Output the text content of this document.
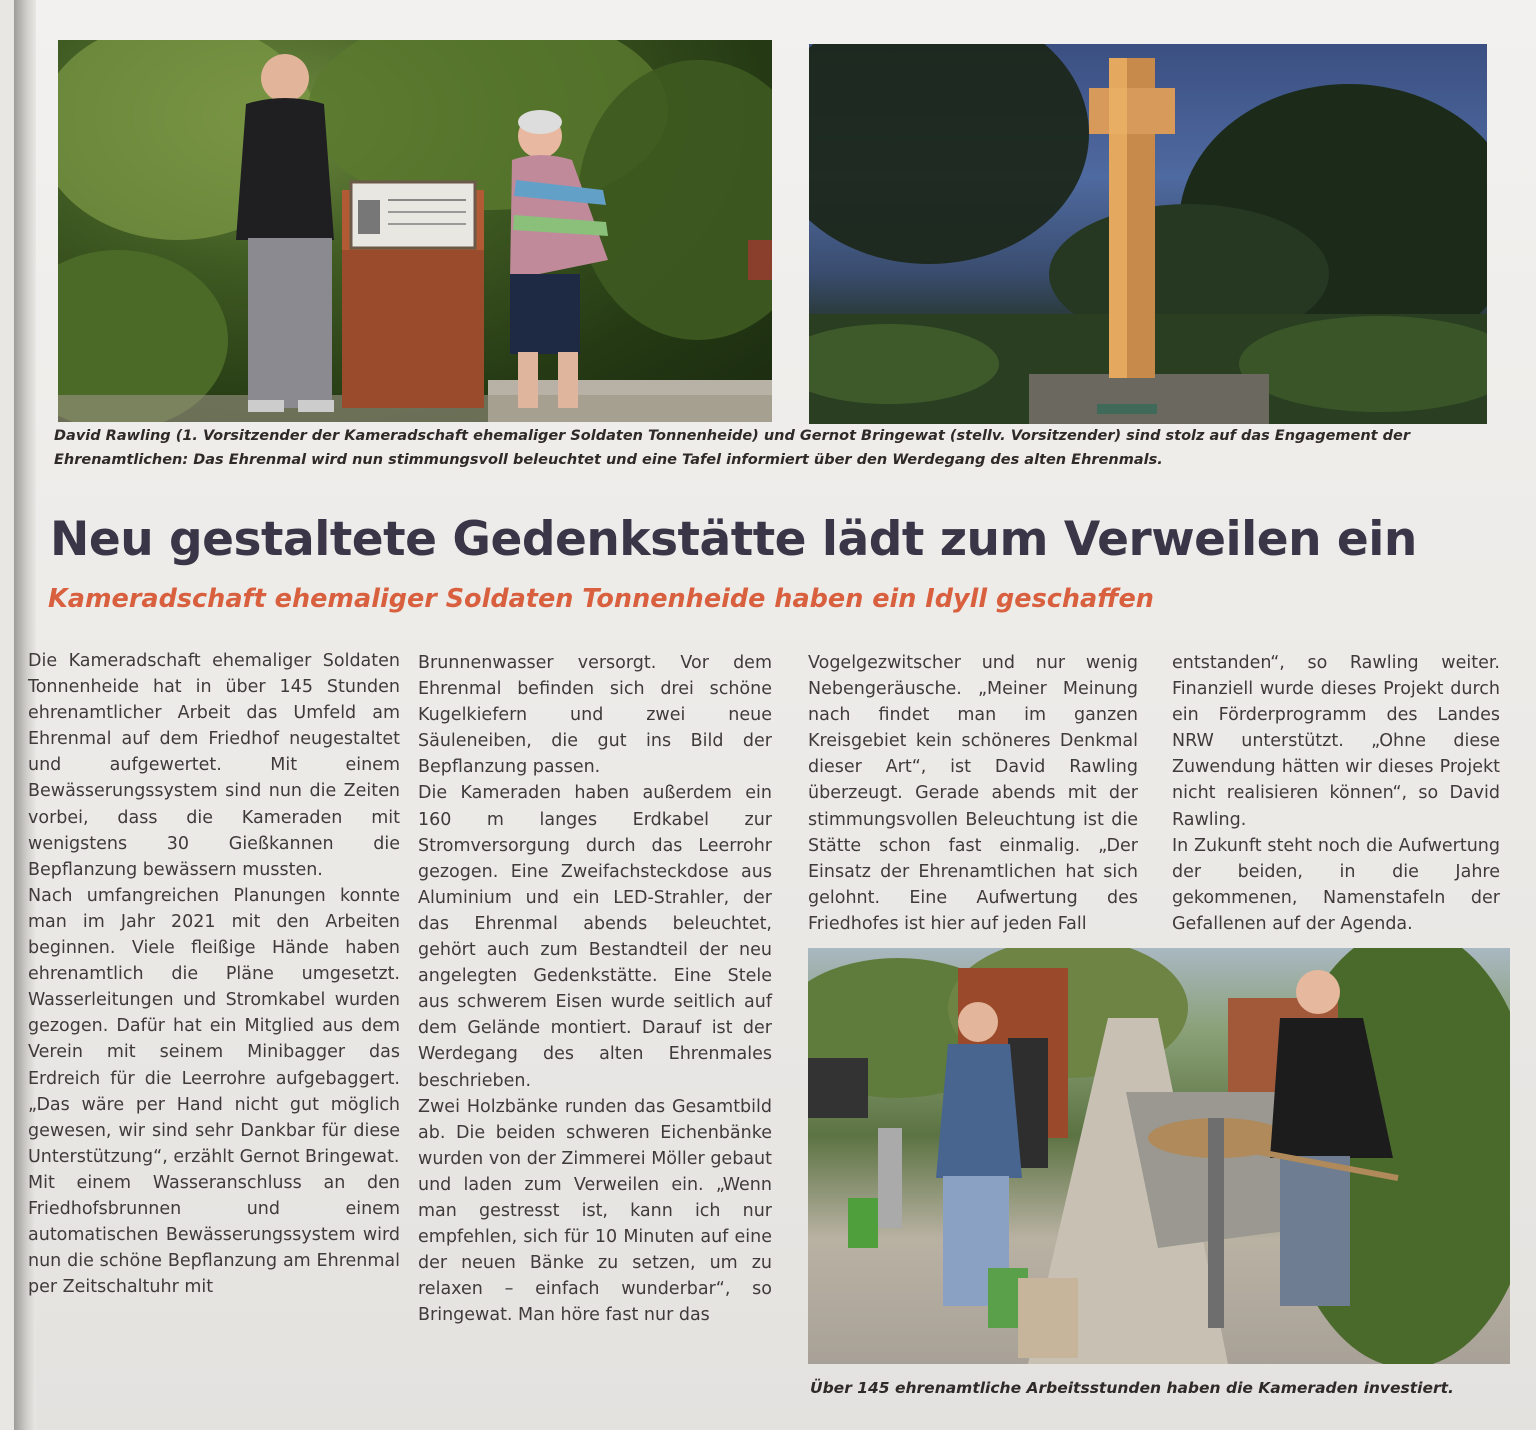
David Rawling (1. Vorsitzender der Kameradschaft ehemaliger Soldaten Tonnenheide) und Gernot Bringewat (stellv. Vorsitzender) sind stolz auf das Engagement der Ehrenamtlichen: Das Ehrenmal wird nun stimmungsvoll beleuchtet und eine Tafel informiert über den Werdegang des alten Ehrenmals.

Neu gestaltete Gedenkstätte lädt zum Verweilen ein
Kameradschaft ehemaliger Soldaten Tonnenheide haben ein Idyll geschaffen

Die Kameradschaft ehemaliger Soldaten Tonnenheide hat in über 145 Stunden ehrenamtlicher Arbeit das Umfeld am Ehrenmal auf dem Friedhof neugestaltet und aufgewertet. Mit einem Bewässerungssystem sind nun die Zeiten vorbei, dass die Kameraden mit wenigstens 30 Gießkannen die Bepflanzung bewässern mussten.

Nach umfangreichen Planungen konnte man im Jahr 2021 mit den Arbeiten beginnen. Viele fleißige Hände haben ehrenamtlich die Pläne umgesetzt. Wasserleitungen und Stromkabel wurden gezogen. Dafür hat ein Mitglied aus dem Verein mit seinem Minibagger das Erdreich für die Leerrohre aufgebaggert. „Das wäre per Hand nicht gut möglich gewesen, wir sind sehr Dankbar für diese Unterstützung“, erzählt Gernot Bringewat.

Mit einem Wasseranschluss an den Friedhofsbrunnen und einem automatischen Bewässerungssystem wird nun die schöne Bepflanzung am Ehrenmal per Zeitschaltuhr mit

Brunnenwasser versorgt. Vor dem Ehrenmal befinden sich drei schöne Kugelkiefern und zwei neue Säuleneiben, die gut ins Bild der Bepflanzung passen.

Die Kameraden haben außerdem ein 160 m langes Erdkabel zur Stromversorgung durch das Leerrohr gezogen. Eine Zweifachsteckdose aus Aluminium und ein LED-Strahler, der das Ehrenmal abends beleuchtet, gehört auch zum Bestandteil der neu angelegten Gedenkstätte. Eine Stele aus schwerem Eisen wurde seitlich auf dem Gelände montiert. Darauf ist der Werdegang des alten Ehrenmales beschrieben.

Zwei Holzbänke runden das Gesamtbild ab. Die beiden schweren Eichenbänke wurden von der Zimmerei Möller gebaut und laden zum Verweilen ein. „Wenn man gestresst ist, kann ich nur empfehlen, sich für 10 Minuten auf eine der neuen Bänke zu setzen, um zu relaxen – einfach wunderbar“, so Bringewat. Man höre fast nur das

Vogelgezwitscher und nur wenig Nebengeräusche. „Meiner Meinung nach findet man im ganzen Kreisgebiet kein schöneres Denkmal dieser Art“, ist David Rawling überzeugt. Gerade abends mit der stimmungsvollen Beleuchtung ist die Stätte schon fast einmalig. „Der Einsatz der Ehrenamtlichen hat sich gelohnt. Eine Aufwertung des Friedhofes ist hier auf jeden Fall

entstanden“, so Rawling weiter. Finanziell wurde dieses Projekt durch ein Förderprogramm des Landes NRW unterstützt. „Ohne diese Zuwendung hätten wir dieses Projekt nicht realisieren können“, so David Rawling.

In Zukunft steht noch die Aufwertung der beiden, in die Jahre gekommenen, Namenstafeln der Gefallenen auf der Agenda.

Über 145 ehrenamtliche Arbeitsstunden haben die Kameraden investiert.
